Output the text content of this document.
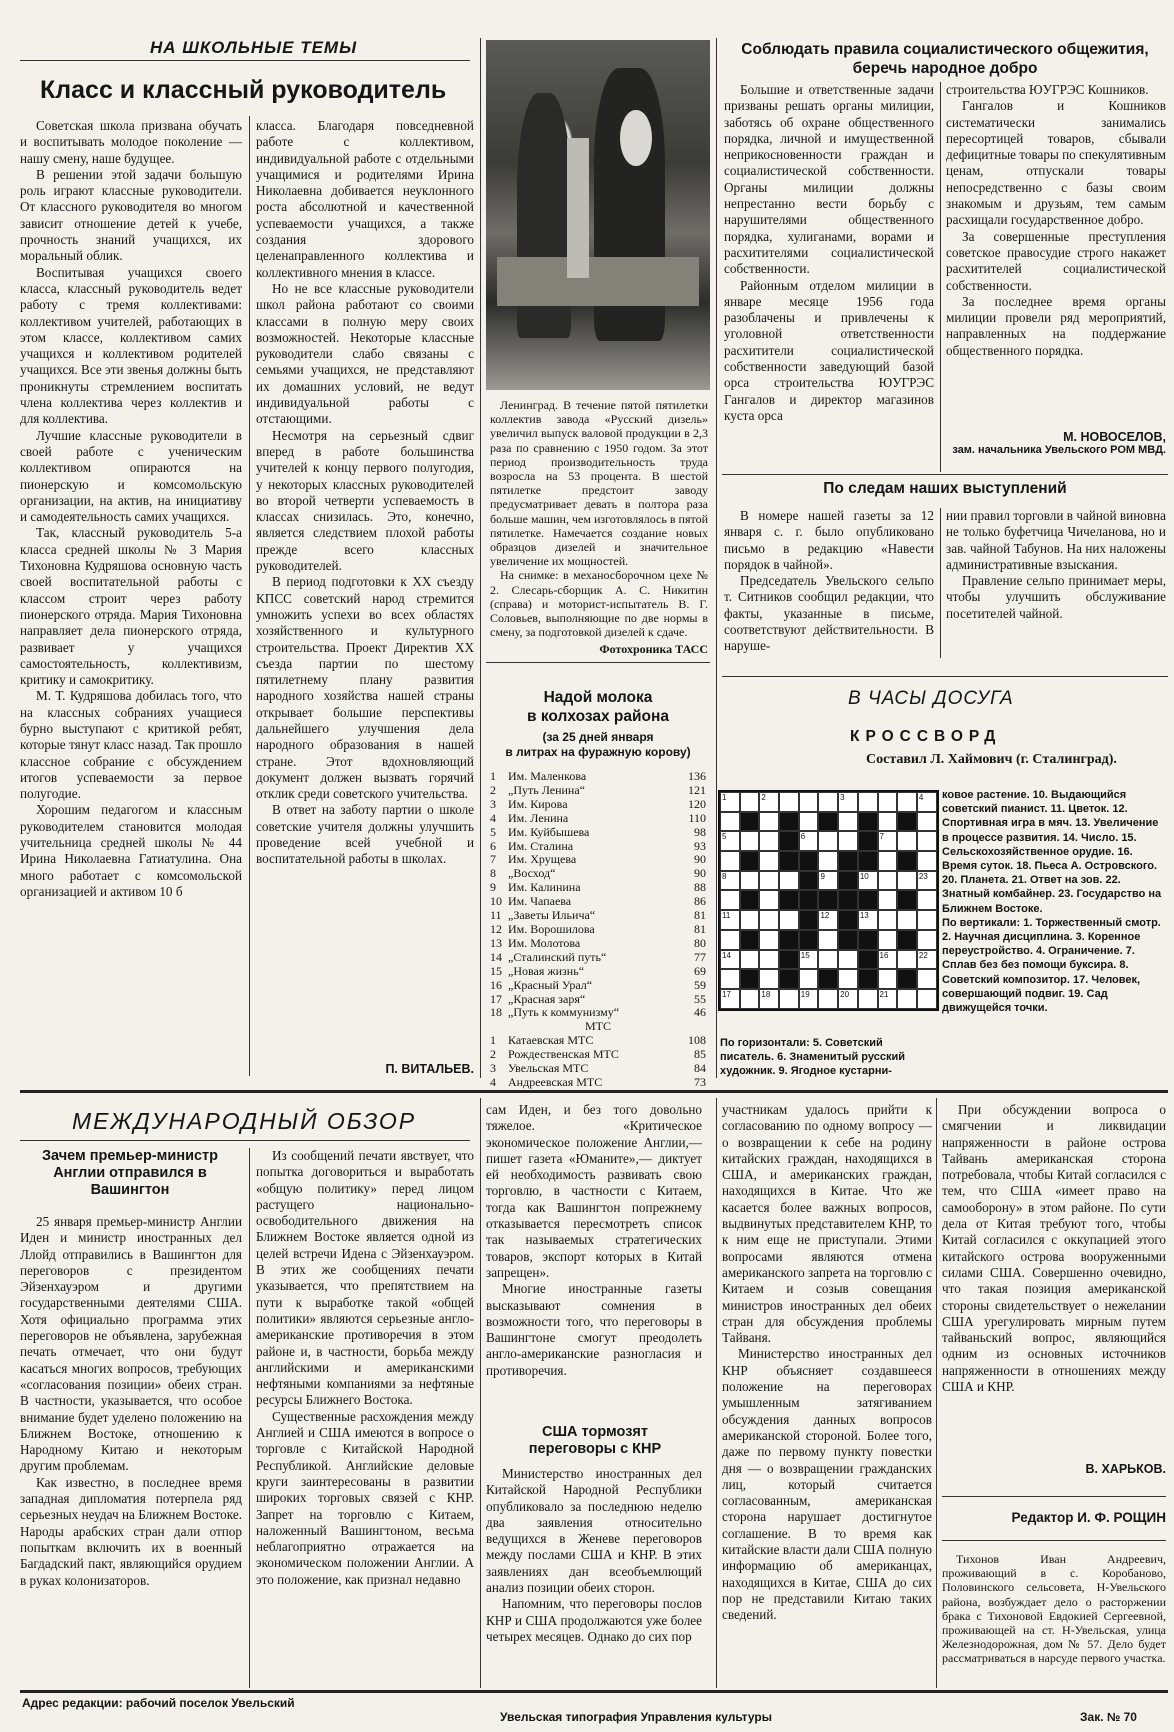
НА ШКОЛЬНЫЕ ТЕМЫ
Класс и классный руководитель

Советская школа призвана обучать и воспитывать молодое поколение — нашу смену, наше будущее.

В решении этой задачи большую роль играют классные руководители. От классного руководителя во многом зависит отношение детей к учебе, прочность знаний учащихся, их моральный облик.

Воспитывая учащихся своего класса, классный руководитель ведет работу с тремя коллективами: коллективом учителей, работающих в этом классе, коллективом самих учащихся и коллективом родителей учащихся. Все эти звенья должны быть проникнуты стремлением воспитать члена коллектива через коллектив и для коллектива.

Лучшие классные руководители в своей работе с ученическим коллективом опираются на пионерскую и комсомольскую организации, на актив, на инициативу и самодеятельность самих учащихся.

Так, классный руководитель 5-а класса средней школы № 3 Мария Тихоновна Кудряшова основную часть своей воспитательной работы с классом строит через работу пионерского отряда. Мария Тихоновна направляет дела пионерского отряда, развивает у учащихся самостоятельность, коллективизм, критику и самокритику.

М. Т. Кудряшова добилась того, что на классных собраниях учащиеся бурно выступают с критикой ребят, которые тянут класс назад. Так прошло классное собрание с обсуждением итогов успеваемости за первое полугодие.

Хорошим педагогом и классным руководителем становится молодая учительница средней школы № 44 Ирина Николаевна Гатиатулина. Она много работает с комсомольской организацией и активом 10 б

класса. Благодаря повседневной работе с коллективом, индивидуальной работе с отдельными учащимися и родителями Ирина Николаевна добивается неуклонного роста абсолютной и качественной успеваемости учащихся, а также создания здорового целенаправленного коллектива и коллективного мнения в классе.

Но не все классные руководители школ района работают со своими классами в полную меру своих возможностей. Некоторые классные руководители слабо связаны с семьями учащихся, не представляют их домашних условий, не ведут индивидуальной работы с отстающими.

Несмотря на серьезный сдвиг вперед в работе большинства учителей к концу первого полугодия, у некоторых классных руководителей во второй четверти успеваемость в классах снизилась. Это, конечно, является следствием плохой работы прежде всего классных руководителей.

В период подготовки к XX съезду КПСС советский народ стремится умножить успехи во всех областях хозяйственного и культурного строительства. Проект Директив XX съезда партии по шестому пятилетнему плану развития народного хозяйства нашей страны открывает большие перспективы дальнейшего улучшения дела народного образования в нашей стране. Этот вдохновляющий документ должен вызвать горячий отклик среди советского учительства.

В ответ на заботу партии о школе советские учителя должны улучшить проведение всей учебной и воспитательной работы в школах.

П. ВИТАЛЬЕВ.
Ленинград. В течение пятой пятилетки коллектив завода «Русский дизель» увеличил выпуск валовой продукции в 2,3 раза по сравнению с 1950 годом. За этот период производительность труда возросла на 53 процента. В шестой пятилетке предстоит заводу предусматривает девать в полтора раза больше машин, чем изготовлялось в пятой пятилетке. Намечается создание новых образцов дизелей и значительное увеличение их мощностей.
На снимке: в механосборочном цехе № 2. Слесарь-сборщик А. С. Никитин (справа) и моторист-испытатель В. Г. Соловьев, выполняющие по две нормы в смену, за подготовкой дизелей к сдаче.
Фотохроника ТАСС
Надой молока
в колхозах района
(за 25 дней января
в литрах на фуражную корову)
1	Им. Маленкова	136
2	„Путь Ленина“	121
3	Им. Кирова	120
4	Им. Ленина	110
5	Им. Куйбышева	98
6	Им. Сталина	93
7	Им. Хрущева	90
8	„Восход“	90
9	Им. Калинина	88
10	Им. Чапаева	86
11	„Заветы Ильича“	81
12	Им. Ворошилова	81
13	Им. Молотова	80
14	„Сталинский путь“	77
15	„Новая жизнь“	69
16	„Красный Урал“	59
17	„Красная заря“	55
18	„Путь к коммунизму“	46
МТС		
1	Катаевская МТС	108
2	Рождественская МТС	85
3	Увельская МТС	84
4	Андреевская МТС	73
Соблюдать правила социалистического общежития,
беречь народное добро

Большие и ответственные задачи призваны решать органы милиции, заботясь об охране общественного порядка, личной и имущественной неприкосновенности граждан и социалистической собственности. Органы милиции должны непрестанно вести борьбу с нарушителями общественного порядка, хулиганами, ворами и расхитителями социалистической собственности.

Районным отделом милиции в январе месяце 1956 года разоблачены и привлечены к уголовной ответственности расхитители социалистической собственности заведующий базой орса строительства ЮУГРЭС Гангалов и директор магазинов куста орса

строительства ЮУГРЭС Кошников.

Гангалов и Кошников систематически занимались пересортицей товаров, сбывали дефицитные товары по спекулятивным ценам, отпускали товары непосредственно с базы своим знакомым и друзьям, тем самым расхищали государственное добро.

За совершенные преступления советское правосудие строго накажет расхитителей социалистической собственности.

За последнее время органы милиции провели ряд мероприятий, направленных на поддержание общественного порядка.

М. НОВОСЕЛОВ,
зам. начальника Увельского РОМ МВД.
По следам наших выступлений

В номере нашей газеты за 12 января с. г. было опубликовано письмо в редакцию «Навести порядок в чайной».

Председатель Увельского сельпо т. Ситников сообщил редакции, что факты, указанные в письме, соответствуют действительности. В наруше-

нии правил торговли в чайной виновна не только буфетчица Чичеланова, но и зав. чайной Табунов. На них наложены административные взыскания.

Правление сельпо принимает меры, чтобы улучшить обслуживание посетителей чайной.

В ЧАСЫ ДОСУГА
КРОССВОРД
Составил Л. Хаймович (г. Сталинград).
1	2	3	4
5	6	7
8	9	10	23
11	12	13
14	15	16	22
17	18	19	20	21
ковое растение. 10. Выдающийся советский пианист. 11. Цветок. 12. Спортивная игра в мяч. 13. Увеличение в процессе развития. 14. Число. 15. Сельскохозяйственное орудие. 16. Время суток. 18. Пьеса А. Островского. 20. Планета. 21. Ответ на зов. 22. Знатный комбайнер. 23. Государство на Ближнем Востоке.
По вертикали: 1. Торжественный смотр. 2. Научная дисциплина. 3. Коренное переустройство. 4. Ограничение. 7. Сплав без без помощи буксира. 8. Советский композитор. 17. Человек, совершающий подвиг. 19. Сад движущейся точки.
По горизонтали: 5. Советский писатель. 6. Знаменитый русский художник. 9. Ягодное кустарни-
МЕЖДУНАРОДНЫЙ ОБЗОР
Зачем премьер-министр Англии отправился в Вашингтон

25 января премьер-министр Англии Иден и министр иностранных дел Ллойд отправились в Вашингтон для переговоров с президентом Эйзенхауэром и другими государственными деятелями США. Хотя официально программа этих переговоров не объявлена, зарубежная печать отмечает, что они будут касаться многих вопросов, требующих «согласования позиции» обеих стран. В частности, указывается, что особое внимание будет уделено положению на Ближнем Востоке, отношению к Народному Китаю и некоторым другим проблемам.

Как известно, в последнее время западная дипломатия потерпела ряд серьезных неудач на Ближнем Востоке. Народы арабских стран дали отпор попыткам включить их в военный Багдадский пакт, являющийся орудием в руках колонизаторов.

Из сообщений печати явствует, что попытка договориться и выработать «общую политику» перед лицом растущего национально-освободительного движения на Ближнем Востоке является одной из целей встречи Идена с Эйзенхауэром. В этих же сообщениях печати указывается, что препятствием на пути к выработке такой «общей политики» являются серьезные англо-американские противоречия в этом районе и, в частности, борьба между английскими и американскими нефтяными компаниями за нефтяные ресурсы Ближнего Востока.

Существенные расхождения между Англией и США имеются в вопросе о торговле с Китайской Народной Республикой. Английские деловые круги заинтересованы в развитии широких торговых связей с КНР. Запрет на торговлю с Китаем, наложенный Вашингтоном, весьма неблагоприятно отражается на экономическом положении Англии. А это положение, как признал недавно

сам Иден, и без того довольно тяжелое. «Критическое экономическое положение Англии,— пишет газета «Юманите»,— диктует ей необходимость развивать свою торговлю, в частности с Китаем, тогда как Вашингтон попрежнему отказывается пересмотреть список так называемых стратегических товаров, экспорт которых в Китай запрещен».

Многие иностранные газеты высказывают сомнения в возможности того, что переговоры в Вашингтоне смогут преодолеть англо-американские разногласия и противоречия.

США тормозят переговоры с КНР

Министерство иностранных дел Китайской Народной Республики опубликовало за последнюю неделю два заявления относительно ведущихся в Женеве переговоров между послами США и КНР. В этих заявлениях дан всеобъемлющий анализ позиции обеих сторон.

Напомним, что переговоры послов КНР и США продолжаются уже более четырех месяцев. Однако до сих пор

участникам удалось прийти к согласованию по одному вопросу — о возвращении к себе на родину китайских граждан, находящихся в США, и американских граждан, находящихся в Китае. Что же касается более важных вопросов, выдвинутых представителем КНР, то к ним еще не приступали. Этими вопросами являются отмена американского запрета на торговлю с Китаем и созыв совещания министров иностранных дел обеих стран для обсуждения проблемы Тайваня.

Министерство иностранных дел КНР объясняет создавшееся положение на переговорах умышленным затягиванием обсуждения данных вопросов американской стороной. Более того, даже по первому пункту повестки дня — о возвращении гражданских лиц, который считается согласованным, американская сторона нарушает достигнутое соглашение. В то время как китайские власти дали США полную информацию об американцах, находящихся в Китае, США до сих пор не представили Китаю таких сведений.

При обсуждении вопроса о смягчении и ликвидации напряженности в районе острова Тайвань американская сторона потребовала, чтобы Китай согласился с тем, что США «имеет право на самооборону» в этом районе. По сути дела от Китая требуют того, чтобы Китай согласился с оккупацией этого китайского острова вооруженными силами США. Совершенно очевидно, что такая позиция американской стороны свидетельствует о нежелании США урегулировать мирным путем тайваньский вопрос, являющийся одним из основных источников напряженности в отношениях между США и КНР.

В. ХАРЬКОВ.
Редактор И. Ф. РОЩИН
Тихонов Иван Андреевич, проживающий в с. Коробаново, Половинского сельсовета, Н-Увельского района, возбуждает дело о расторжении брака с Тихоновой Евдокией Сергеевной, проживающей на ст. Н-Увельская, улица Железнодорожная, дом № 57. Дело будет рассматриваться в нарсуде первого участка.
Адрес редакции: рабочий поселок Увельский
Увельская типография Управления культуры	Зак. № 70
